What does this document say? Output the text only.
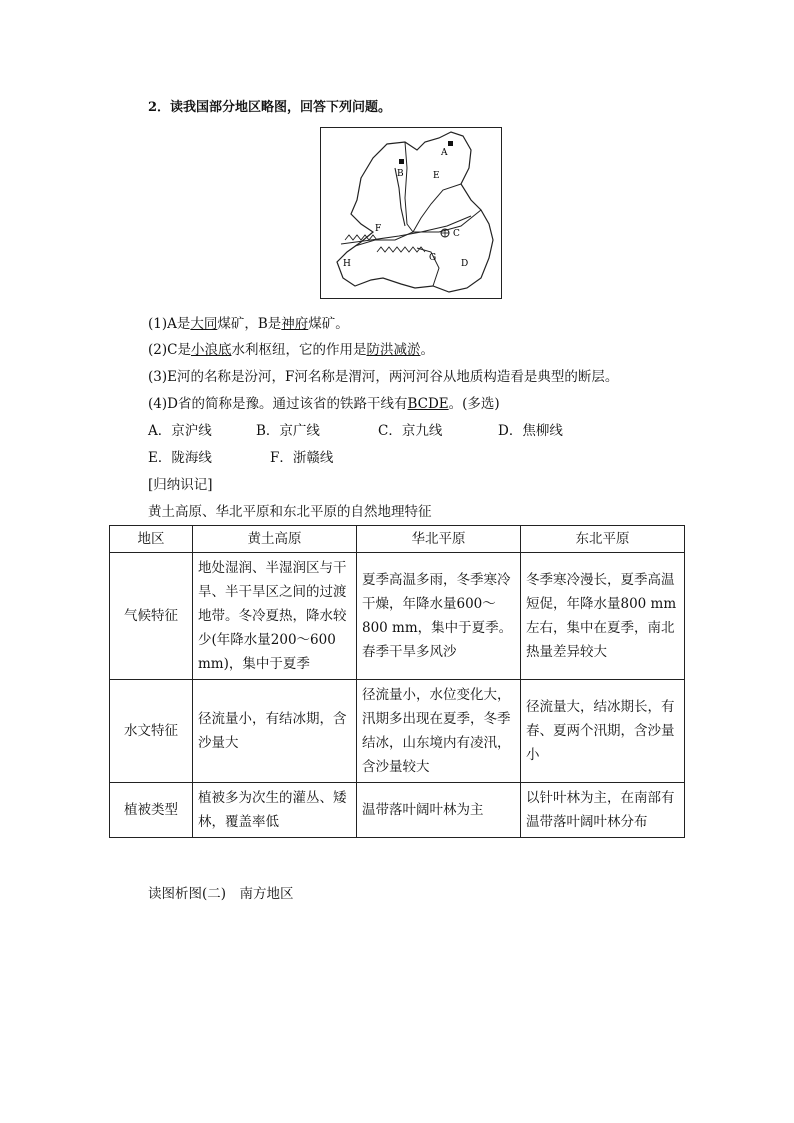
2．读我国部分地区略图，回答下列问题。
A
B
C
D
E
F
G
H
(1)A是大同煤矿，B是神府煤矿。
(2)C是小浪底水利枢纽，它的作用是防洪减淤。
(3)E河的名称是汾河，F河名称是渭河，两河河谷从地质构造看是典型的断层。
(4)D省的简称是豫。通过该省的铁路干线有BCDE。(多选)
A．京沪线	B．京广线	C．京九线	D．焦柳线
E．陇海线	F．浙赣线
[归纳识记]
黄土高原、华北平原和东北平原的自然地理特征
地区	黄土高原	华北平原	东北平原
气候特征	地处湿润、半湿润区与干旱、半干旱区之间的过渡地带。冬冷夏热，降水较少(年降水量200～600 mm)，集中于夏季	夏季高温多雨，冬季寒冷干燥，年降水量600～800 mm，集中于夏季。春季干旱多风沙	冬季寒冷漫长，夏季高温短促，年降水量800 mm左右，集中在夏季，南北热量差异较大
水文特征	径流量小，有结冰期，含沙量大	径流量小，水位变化大，汛期多出现在夏季，冬季结冰，山东境内有凌汛，含沙量较大	径流量大，结冰期长，有春、夏两个汛期，含沙量小
植被类型	植被多为次生的灌丛、矮林，覆盖率低	温带落叶阔叶林为主	以针叶林为主，在南部有温带落叶阔叶林分布
读图析图(二)　南方地区
